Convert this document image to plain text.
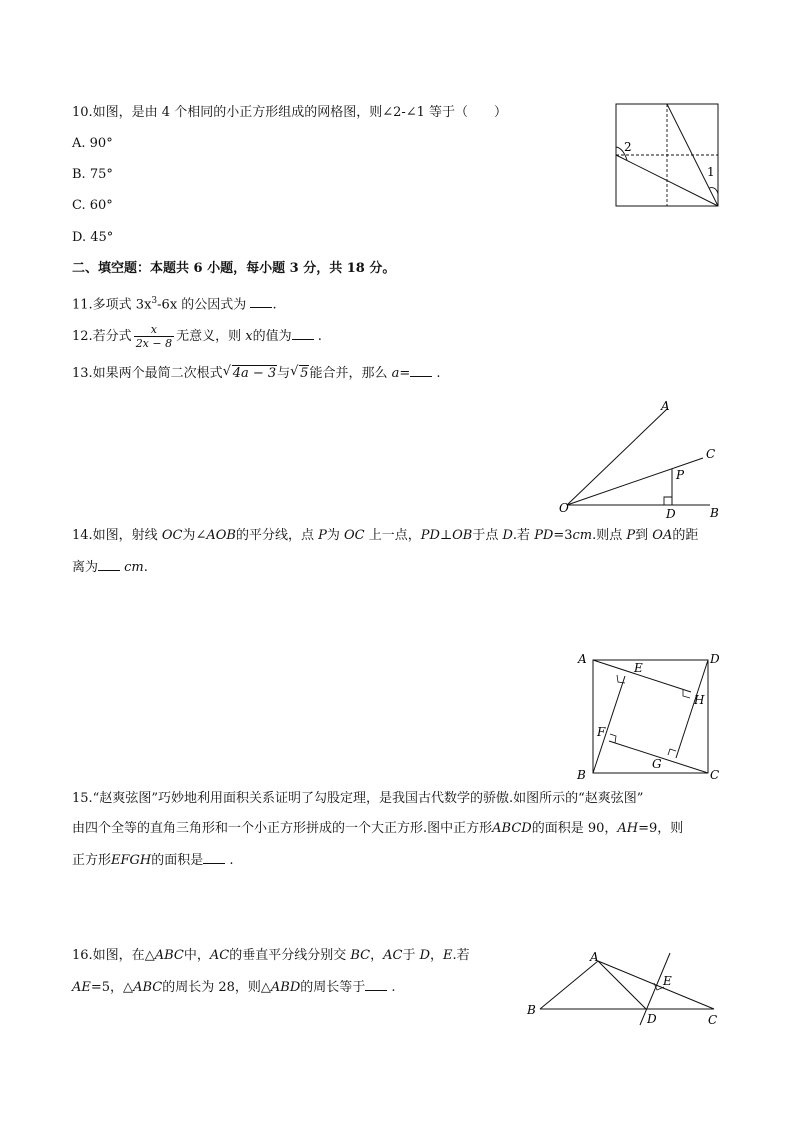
10.如图，是由 4 个相同的小正方形组成的网格图，则∠2-∠1 等于（　　）
A. 90°
B. 75°
C. 60°
D. 45°
2
1
二、填空题：本题共 6 小题，每小题 3 分，共 18 分。
11.多项式 $3x^3-6x$ 的公因式为 .
12.若分式 $\frac{x}{2x - 8}$ 无意义，则 x的值为 .
13.如果两个最简二次根式 √ 4a − 3与 √ 5能合并，那么 a= .
A
C
P
O	D	B
14.如图，射线 OC为∠AOB的平分线，点 P为 OC 上一点，PD⊥OB于点 D.若 PD=3cm.则点 P到 OA的距
离为 cm.
A	D
E
H
F
G
B	C
15.“赵爽弦图”巧妙地利用面积关系证明了勾股定理，是我国古代数学的骄傲.如图所示的“赵爽弦图”
由四个全等的直角三角形和一个小正方形拼成的一个大正方形.图中正方形ABCD的面积是 90，AH=9，则
正方形EFGH的面积是 .
16.如图，在△ABC中，AC的垂直平分线分别交 BC，AC于 D，E.若
AE=5，△ABC的周长为 28，则△ABD的周长等于 .
A
E
B
D	C
